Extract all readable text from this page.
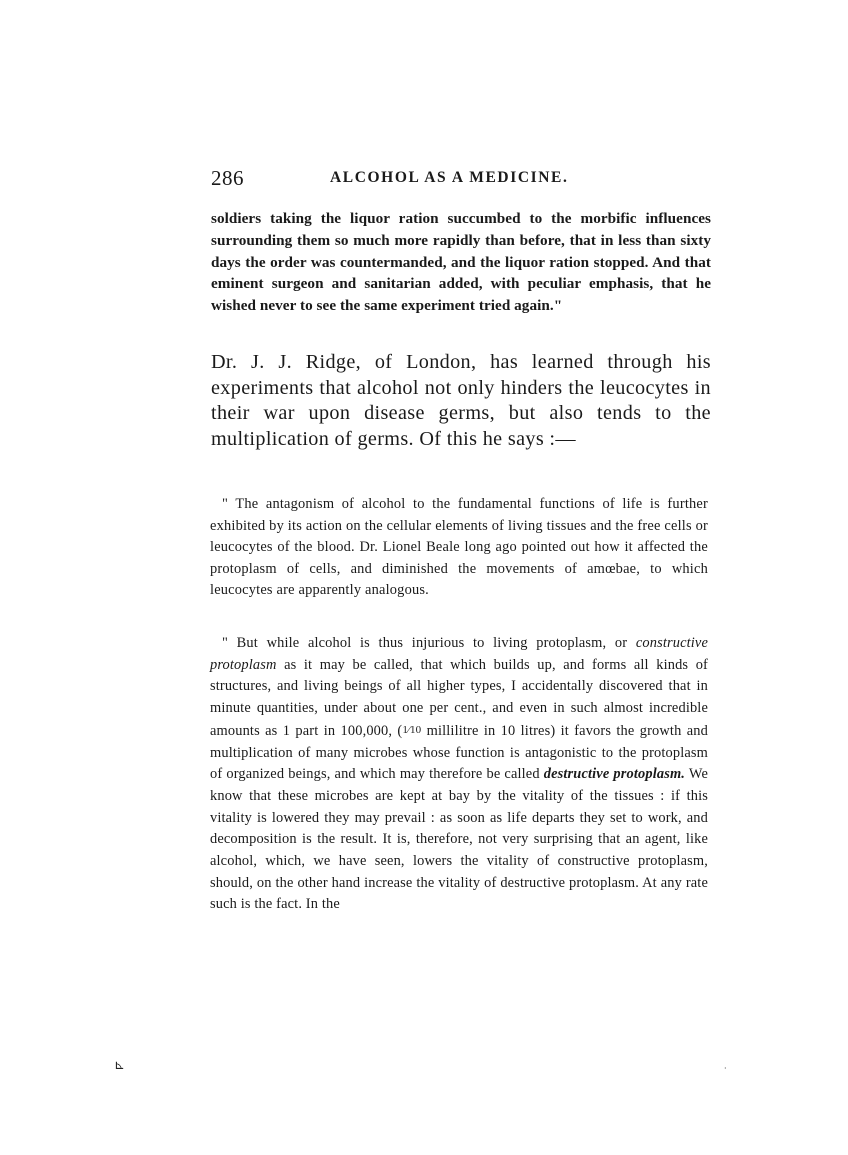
286	ALCOHOL AS A MEDICINE.

soldiers taking the liquor ration succumbed to the morbific influences surrounding them so much more rapidly than before, that in less than sixty days the order was countermanded, and the liquor ration stopped. And that eminent surgeon and sanitarian added, with peculiar emphasis, that he wished never to see the same experiment tried again."

Dr. J. J. Ridge, of London, has learned through his experiments that alcohol not only hinders the leucocytes in their war upon disease germs, but also tends to the multiplication of germs. Of this he says :—

" The antagonism of alcohol to the fundamental functions of life is further exhibited by its action on the cellular elements of living tissues and the free cells or leucocytes of the blood. Dr. Lionel Beale long ago pointed out how it affected the protoplasm of cells, and diminished the movements of amœbae, to which leucocytes are apparently analogous.

" But while alcohol is thus injurious to living protoplasm, or constructive protoplasm as it may be called, that which builds up, and forms all kinds of structures, and living beings of all higher types, I accidentally discovered that in minute quantities, under about one per cent., and even in such almost incredible amounts as 1 part in 100,000, (1⁄10 millilitre in 10 litres) it favors the growth and multiplication of many microbes whose function is antagonistic to the protoplasm of organized beings, and which may therefore be called destructive protoplasm. We know that these microbes are kept at bay by the vitality of the tissues : if this vitality is lowered they may prevail : as soon as life departs they set to work, and decomposition is the result. It is, therefore, not very surprising that an agent, like alcohol, which, we have seen, lowers the vitality of constructive protoplasm, should, on the other hand increase the vitality of destructive protoplasm. At any rate such is the fact. In the

⊾	·
